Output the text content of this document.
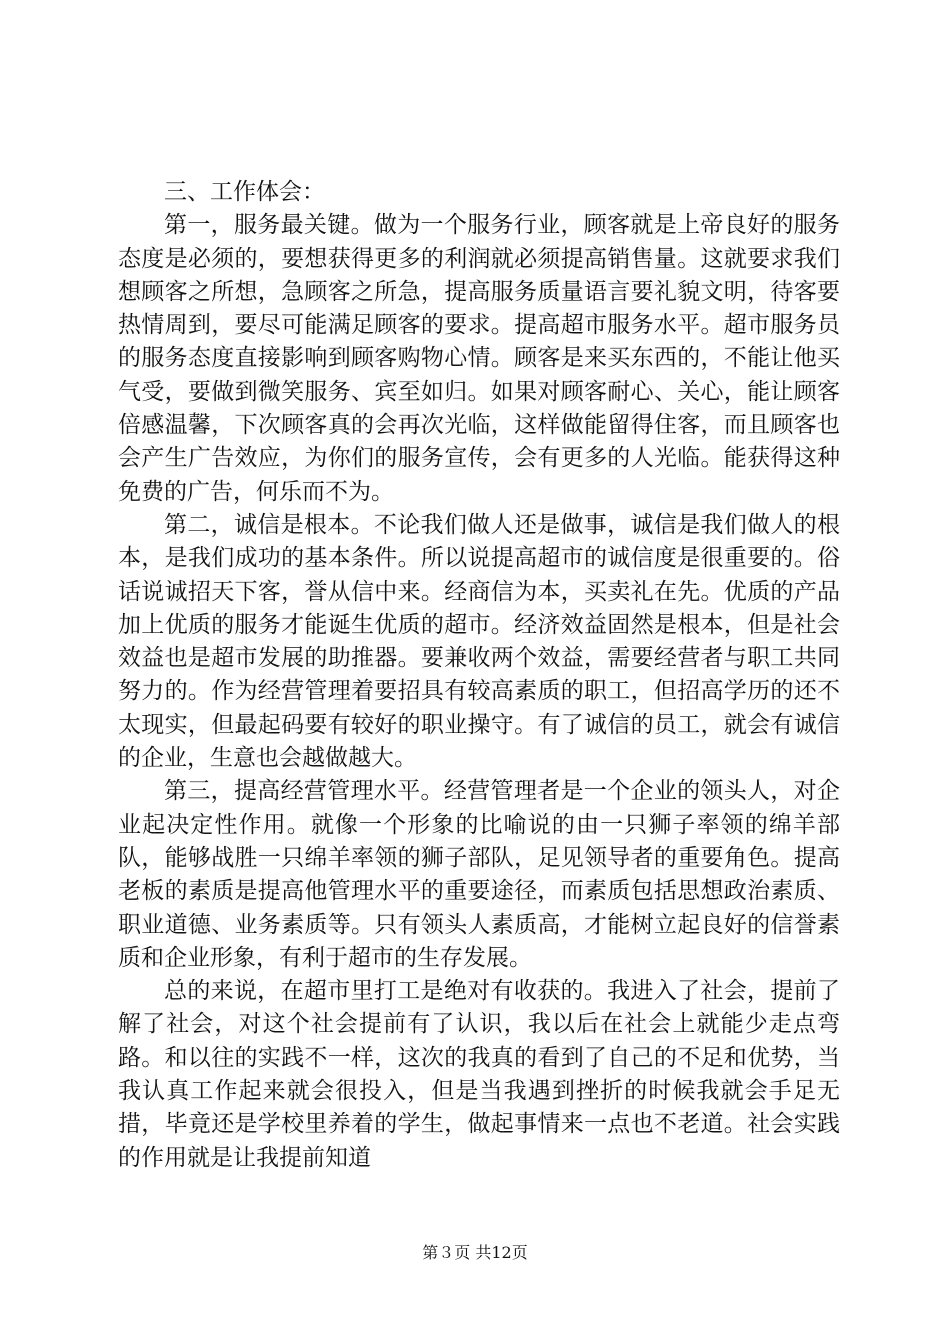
三、工作体会：

第一，服务最关键。做为一个服务行业，顾客就是上帝良好的服务态度是必须的，要想获得更多的利润就必须提高销售量。这就要求我们想顾客之所想，急顾客之所急，提高服务质量语言要礼貌文明，待客要热情周到，要尽可能满足顾客的要求。提高超市服务水平。超市服务员的服务态度直接影响到顾客购物心情。顾客是来买东西的，不能让他买气受，要做到微笑服务、宾至如归。如果对顾客耐心、关心，能让顾客倍感温馨，下次顾客真的会再次光临，这样做能留得住客，而且顾客也会产生广告效应，为你们的服务宣传，会有更多的人光临。能获得这种免费的广告，何乐而不为。

第二，诚信是根本。不论我们做人还是做事，诚信是我们做人的根本，是我们成功的基本条件。所以说提高超市的诚信度是很重要的。俗话说诚招天下客，誉从信中来。经商信为本，买卖礼在先。优质的产品加上优质的服务才能诞生优质的超市。经济效益固然是根本，但是社会效益也是超市发展的助推器。要兼收两个效益，需要经营者与职工共同努力的。作为经营管理着要招具有较高素质的职工，但招高学历的还不太现实，但最起码要有较好的职业操守。有了诚信的员工，就会有诚信的企业，生意也会越做越大。

第三，提高经营管理水平。经营管理者是一个企业的领头人，对企业起决定性作用。就像一个形象的比喻说的由一只狮子率领的绵羊部队，能够战胜一只绵羊率领的狮子部队，足见领导者的重要角色。提高老板的素质是提高他管理水平的重要途径，而素质包括思想政治素质、职业道德、业务素质等。只有领头人素质高，才能树立起良好的信誉素质和企业形象，有利于超市的生存发展。

总的来说，在超市里打工是绝对有收获的。我进入了社会，提前了解了社会，对这个社会提前有了认识，我以后在社会上就能少走点弯路。和以往的实践不一样，这次的我真的看到了自己的不足和优势，当我认真工作起来就会很投入，但是当我遇到挫折的时候我就会手足无措，毕竟还是学校里养着的学生，做起事情来一点也不老道。社会实践的作用就是让我提前知道

第３页 共12页
